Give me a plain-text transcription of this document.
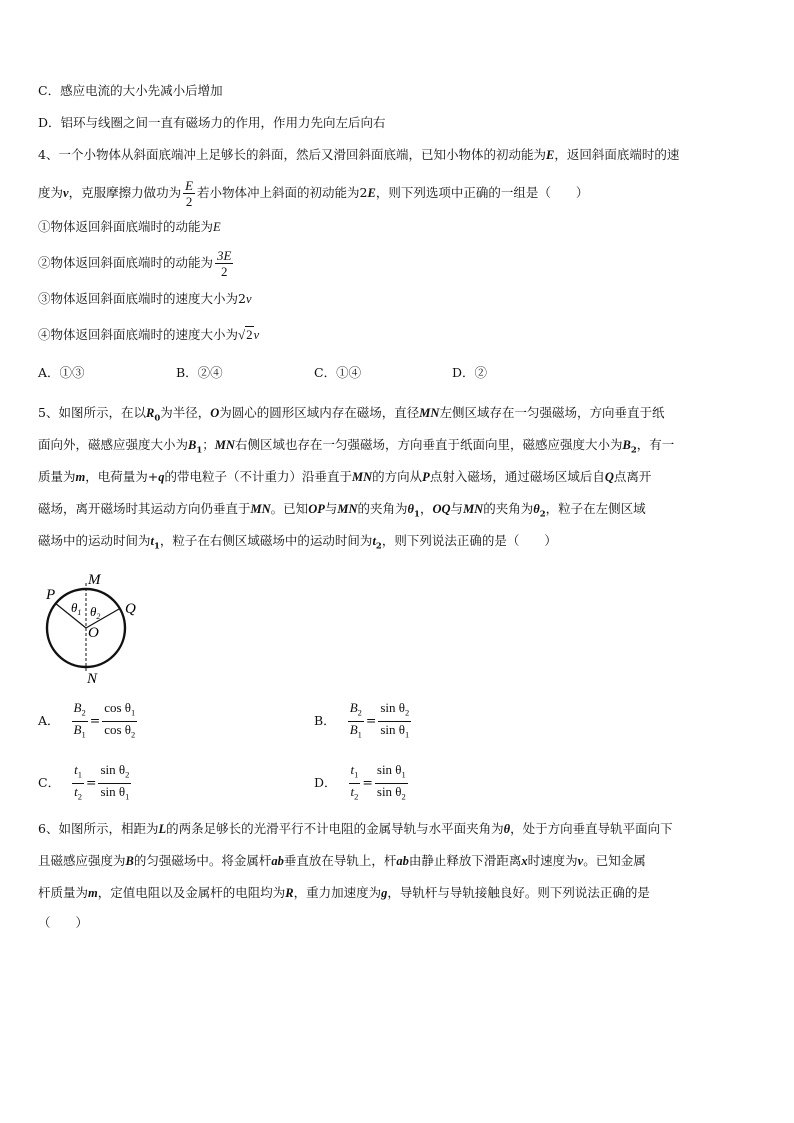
C．感应电流的大小先减小后增加
D．铝环与线圈之间一直有磁场力的作用，作用力先向左后向右
4、一个小物体从斜面底端冲上足够长的斜面，然后又滑回斜面底端，已知小物体的初动能为E，返回斜面底端时的速
度为v，克服摩擦力做功为 $\frac{E}{2}$ 若小物体冲上斜面的初动能为2E，则下列选项中正确的一组是（　　）
①物体返回斜面底端时的动能为E
②物体返回斜面底端时的动能为 $\frac{3E}{2}$
③物体返回斜面底端时的速度大小为2v
④物体返回斜面底端时的速度大小为√2v
A．①③	B．②④	C．①④	D．②
5、如图所示，在以$R_0$为半径，O为圆心的圆形区域内存在磁场，直径MN左侧区域存在一匀强磁场，方向垂直于纸
面向外，磁感应强度大小为$B_1$；MN右侧区域也存在一匀强磁场，方向垂直于纸面向里，磁感应强度大小为$B_2$，有一
质量为m，电荷量为+q的带电粒子（不计重力）沿垂直于MN的方向从P点射入磁场，通过磁场区域后自Q点离开
磁场，离开磁场时其运动方向仍垂直于MN。已知OP与MN的夹角为$\theta_1$，OQ与MN的夹角为$\theta_2$，粒子在左侧区域
磁场中的运动时间为$t_1$，粒子在右侧区域磁场中的运动时间为$t_2$，则下列说法正确的是（　　）
P
M
Q
O
N
$\theta_1$ $\theta_2$
A． $\frac{B_2}{B_1} = \frac{\cos \theta_1}{\cos \theta_2}$	B． $\frac{B_2}{B_1} = \frac{\sin \theta_2}{\sin \theta_1}$
C． $\frac{t_1}{t_2} = \frac{\sin \theta_2}{\sin \theta_1}$	D． $\frac{t_1}{t_2} = \frac{\sin \theta_1}{\sin \theta_2}$
6、如图所示，相距为L的两条足够长的光滑平行不计电阻的金属导轨与水平面夹角为θ，处于方向垂直导轨平面向下
且磁感应强度为B的匀强磁场中。将金属杆ab垂直放在导轨上，杆ab由静止释放下滑距离x时速度为v。已知金属
杆质量为m，定值电阻以及金属杆的电阻均为R，重力加速度为g，导轨杆与导轨接触良好。则下列说法正确的是
（　　）
